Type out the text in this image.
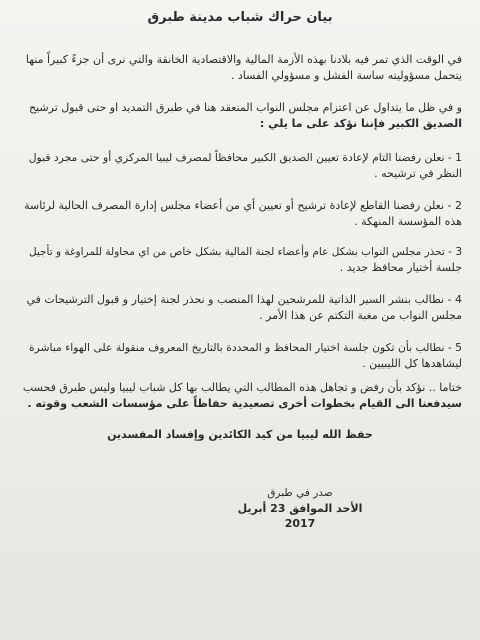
بيان حراك شباب مدينة طبرق
في الوقت الذي تمر فيه بلادنا بهذه الأزمة المالية والاقتصادية الخانقة والتي نرى أن جزءً كبيراً منها
يتحمل مسؤوليته ساسة الفشل و مسؤولي الفساد .
و في ظل ما يتداول عن اعتزام مجلس النواب المنعقد هنا في طبرق التمديد او حتى قبول ترشيح
الصديق الكبير فإننا نؤكد على ما يلي :
1 - نعلن رفضنا التام لإعادة تعيين الصديق الكبير محافظاً لمصرف ليبيا المركزي أو حتى مجرد قبول
النظر في ترشيحه .
2 - نعلن رفضنا القاطع لإعادة ترشيح أو تعيين أي من أعضاء مجلس إدارة المصرف الحالية لرئاسة
هذه المؤسسة المنهكة .
3 - تحذر مجلس النواب بشكل عام وأعضاء لجنة المالية بشكل خاص من اي محاولة للمراوغة و تأجيل
جلسة أختيار محافظ جديد .
4 - نطالب بنشر السير الذاتية للمرشحين لهذا المنصب و نحذر لجنة إختيار و قبول الترشيحات في
مجلس النواب من مغبة التكتم عن هذا الأمر .
5 - نطالب بأن تكون جلسة اختيار المحافظ و المحددة بالتاريخ المعروف منقولة على الهواء مباشرة
ليشاهدها كل الليبيين .
ختاما .. نؤكد بأن رفض و تجاهل هذه المطالب التي يطالب بها كل شباب ليبيا وليس طبرق فحسب
سيدفعنا الى القيام بخطوات أخرى تصعيدية حفاظاً على مؤسسات الشعب وقوته .
حفظ الله ليبيا من كيد الكائدين وإفساد المفسدين
صدر في طبرق
الأحد الموافق 23 أبريل 2017
